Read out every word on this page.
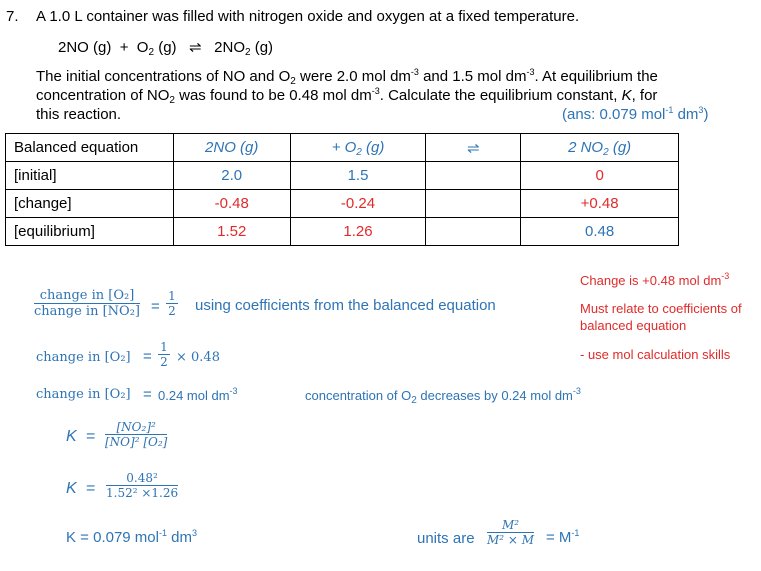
7. A 1.0 L container was filled with nitrogen oxide and oxygen at a fixed temperature.
2NO $(g) + O_2$ (g) ⇌ $2NO_2$ (g)
The initial concentrations of NO and $O_2$ were 2.0 mol $dm^{-3}$ and 1.5 mol $dm^{-3}$. At equilibrium the
concentration of $NO_2$ was found to be 0.48 mol $dm^{-3}$. Calculate the equilibrium constant, K, for
this reaction.	(ans: 0.079 mol$^{-1}$ $dm^3$)
Balanced equation	2NO (g)	+ $O_2$ (g)	⇌	2 $NO_2$ (g)
[initial]	2.0	1.5		0
[change]	-0.48	-0.24		+0.48
[equilibrium]	1.52	1.26		0.48
change in [O₂]
change in [NO₂] =
1
2 using coefficients from the balanced equation
change in [O₂] =
1
2 × 0.48
change in [O₂] = 0.24 mol $dm^{-3}$	concentration of $O_2$ decreases by 0.24 mol $dm^{-3}$
K =
[NO₂]²
[NO]² [O₂]
K =
0.48²
1.52² ×1.26
K = 0.079 mol$^{-1}$ $dm^3$	units are
M²
$M^2 \times M = M^{-1}$
Change is +0.48 mol $dm^{-3}$
Must relate to coefficients of
balanced equation
- use mol calculation skills
